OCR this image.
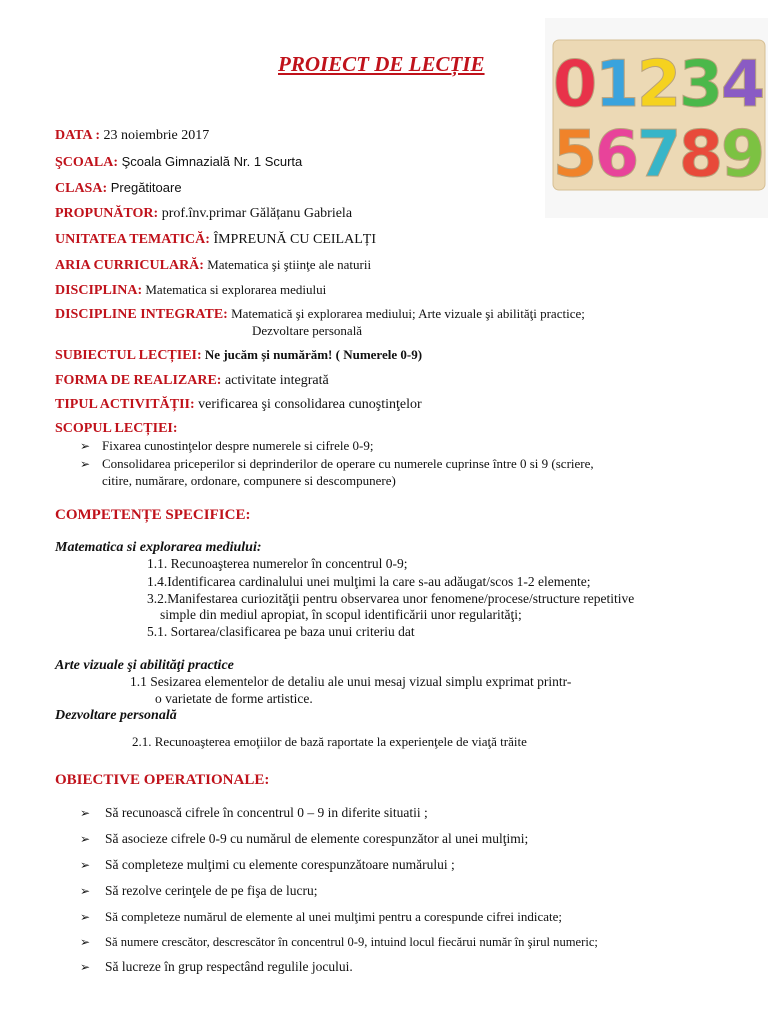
PROIECT DE LECȚIE 0
1
2
3
4
5
6
7
8
9
DATA : 23 noiembrie 2017
ŞCOALA: Şcoala Gimnazială Nr. 1 Scurta
CLASA: Pregătitoare
PROPUNĂTOR: prof.înv.primar Gălățanu Gabriela
UNITATEA TEMATICĂ: ÎMPREUNĂ CU CEILALȚI
ARIA CURRICULARĂ: Matematica şi ştiinţe ale naturii
DISCIPLINA: Matematica si explorarea mediului
DISCIPLINE INTEGRATE: Matematică şi explorarea mediului; Arte vizuale şi abilităţi practice;
Dezvoltare personală
SUBIECTUL LECȚIEI: Ne jucăm și numărăm! ( Numerele 0-9)
FORMA DE REALIZARE: activitate integrată
TIPUL ACTIVITĂȚII: verificarea şi consolidarea cunoştinţelor
SCOPUL LECȚIEI:
➢ Fixarea cunostinţelor despre numerele si cifrele 0-9;
➢ Consolidarea priceperilor si deprinderilor de operare cu numerele cuprinse între 0 si 9 (scriere,
citire, numărare, ordonare, compunere si descompunere)
COMPETENȚE SPECIFICE:
Matematica si explorarea mediului:
1.1. Recunoaşterea numerelor în concentrul 0-9;
1.4.Identificarea cardinalului unei mulţimi la care s-au adăugat/scos 1-2 elemente;
3.2.Manifestarea curiozităţii pentru observarea unor fenomene/procese/structure repetitive
simple din mediul apropiat, în scopul identificării unor regularităţi;
5.1. Sortarea/clasificarea pe baza unui criteriu dat
Arte vizuale şi abilităţi practice
1.1 Sesizarea elementelor de detaliu ale unui mesaj vizual simplu exprimat printr-
o varietate de forme artistice.
Dezvoltare personală
2.1. Recunoaşterea emoţiilor de bază raportate la experienţele de viaţă trăite
OBIECTIVE OPERATIONALE:
➢ Să recunoască cifrele în concentrul 0 – 9 in diferite situatii ;
➢ Să asocieze cifrele 0-9 cu numărul de elemente corespunzător al unei mulţimi;
➢ Să completeze mulţimi cu elemente corespunzătoare numărului ;
➢ Să rezolve cerinţele de pe fişa de lucru;
➢ Să completeze numărul de elemente al unei mulţimi pentru a corespunde cifrei indicate;
➢ Să numere crescător, descrescător în concentrul 0-9, intuind locul fiecărui număr în şirul numeric;
➢ Să lucreze în grup respectând regulile jocului.
